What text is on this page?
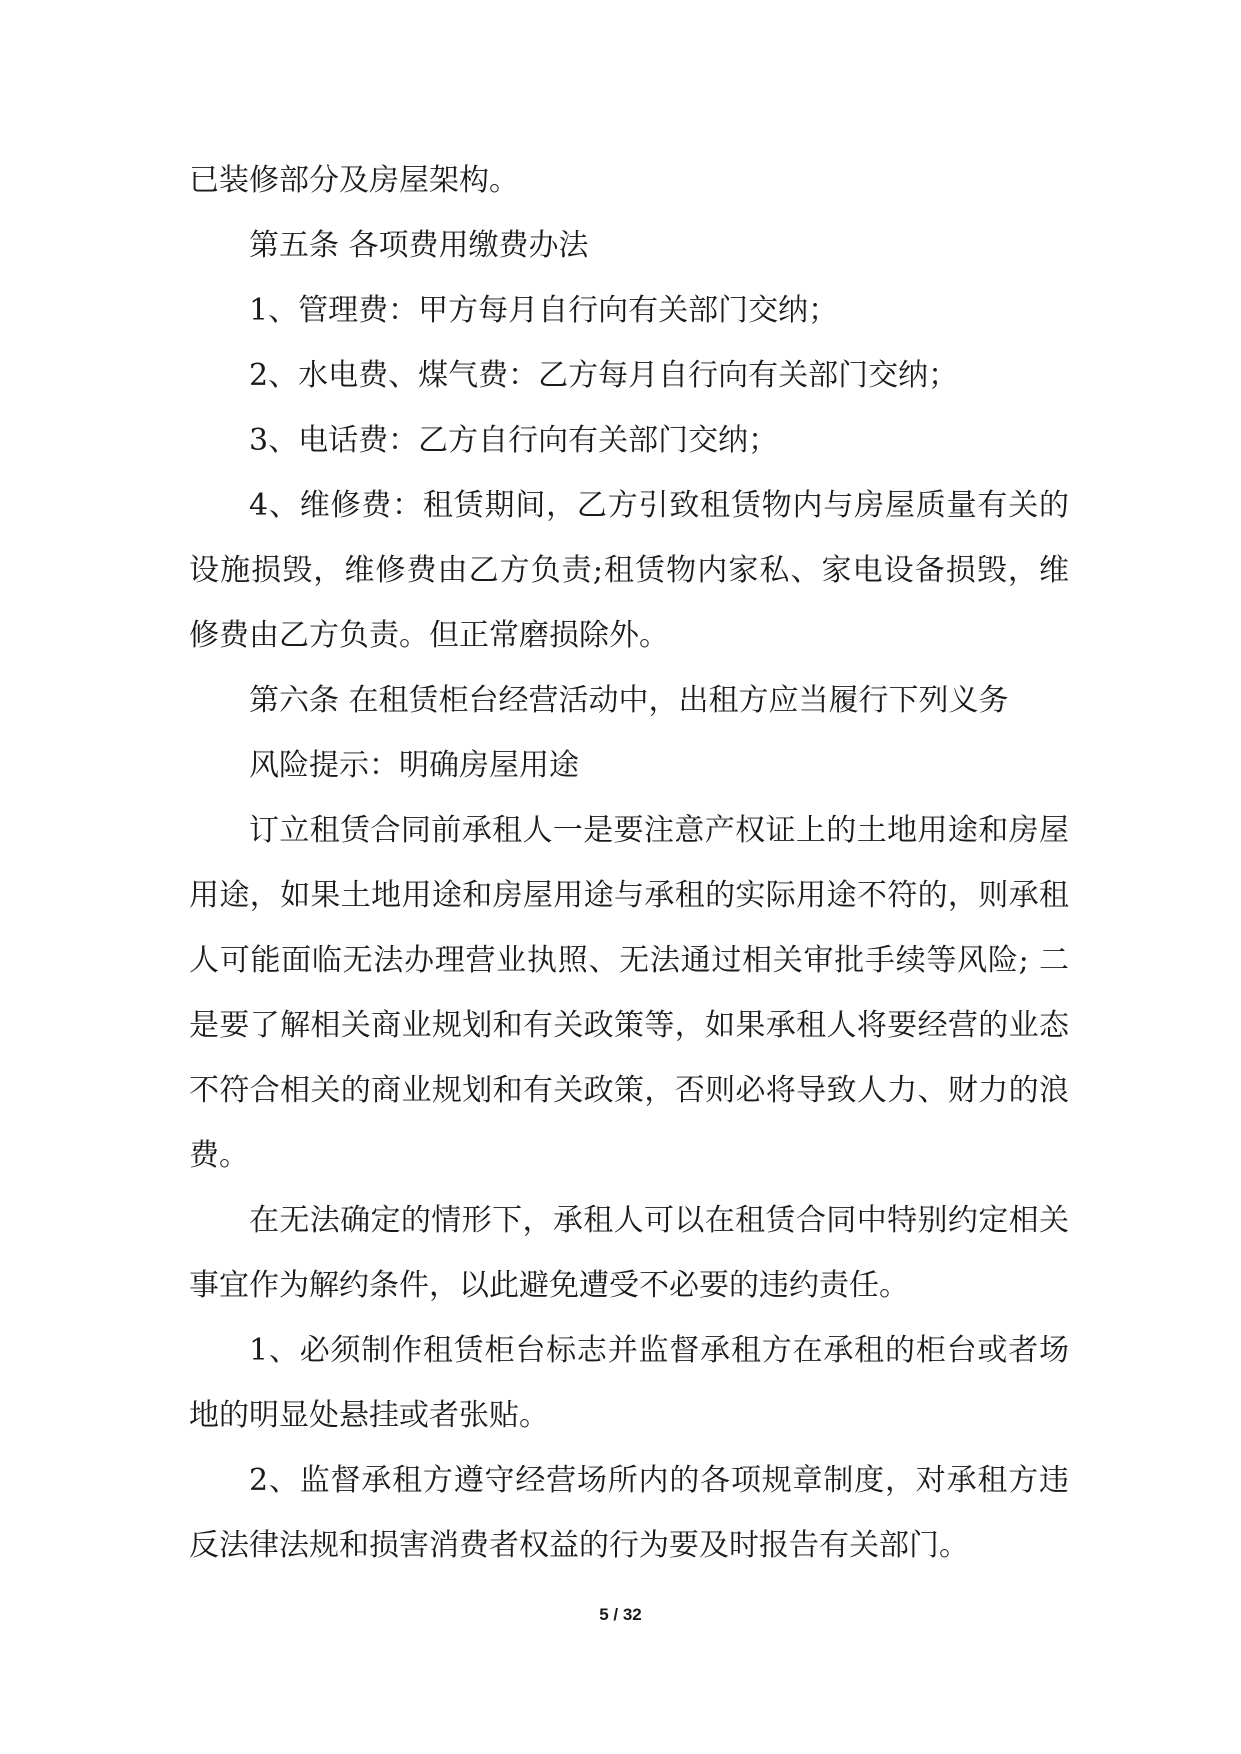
已装修部分及房屋架构。

第五条 各项费用缴费办法

1、管理费：甲方每月自行向有关部门交纳；

2、水电费、煤气费：乙方每月自行向有关部门交纳；

3、电话费：乙方自行向有关部门交纳；

4、维修费：租赁期间，乙方引致租赁物内与房屋质量有关的设施损毁，维修费由乙方负责;租赁物内家私、家电设备损毁，维修费由乙方负责。但正常磨损除外。

第六条 在租赁柜台经营活动中，出租方应当履行下列义务

风险提示：明确房屋用途

订立租赁合同前承租人一是要注意产权证上的土地用途和房屋用途，如果土地用途和房屋用途与承租的实际用途不符的，则承租人可能面临无法办理营业执照、无法通过相关审批手续等风险; 二是要了解相关商业规划和有关政策等，如果承租人将要经营的业态不符合相关的商业规划和有关政策，否则必将导致人力、财力的浪费。

在无法确定的情形下，承租人可以在租赁合同中特别约定相关事宜作为解约条件，以此避免遭受不必要的违约责任。

1、必须制作租赁柜台标志并监督承租方在承租的柜台或者场地的明显处悬挂或者张贴。

2、监督承租方遵守经营场所内的各项规章制度，对承租方违反法律法规和损害消费者权益的行为要及时报告有关部门。

5 / 32
